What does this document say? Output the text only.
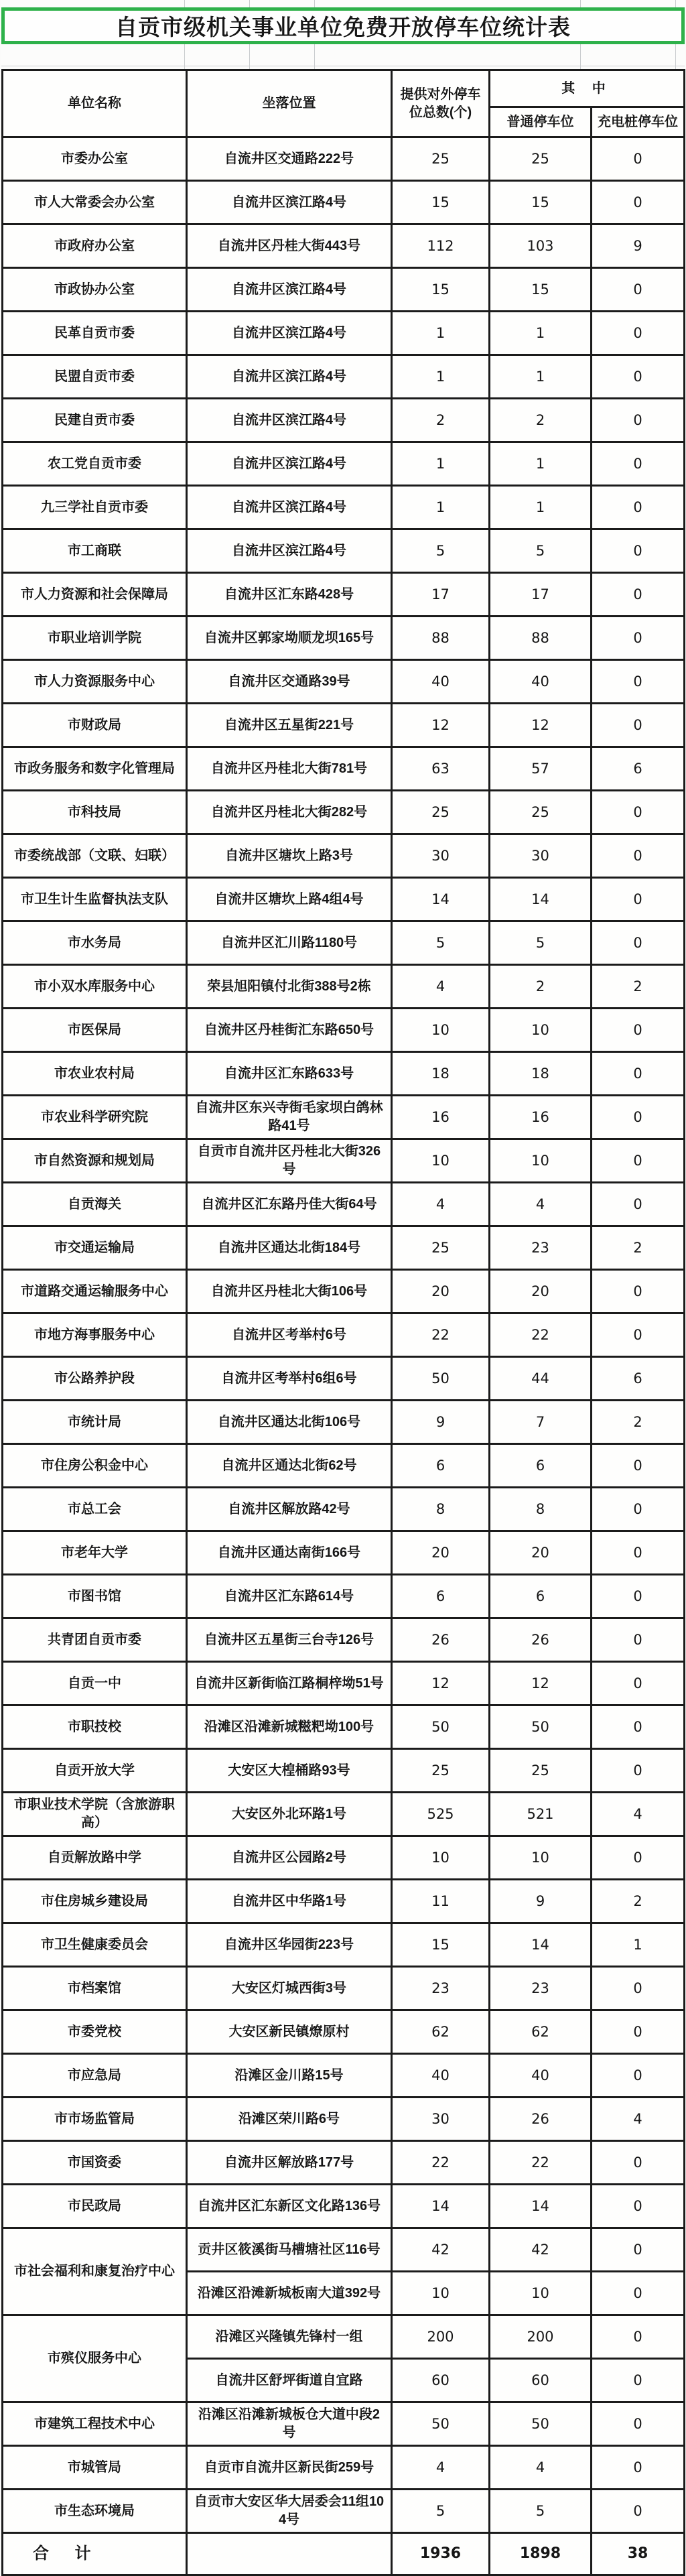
自贡市级机关事业单位免费开放停车位统计表
单位名称	坐落位置	提供对外停车位总数(个)	其 中	
			普通停车位	充电桩停车位
市委办公室	自流井区交通路222号	25	25	0
市人大常委会办公室	自流井区滨江路4号	15	15	0
市政府办公室	自流井区丹桂大街443号	112	103	9
市政协办公室	自流井区滨江路4号	15	15	0
民革自贡市委	自流井区滨江路4号	1	1	0
民盟自贡市委	自流井区滨江路4号	1	1	0
民建自贡市委	自流井区滨江路4号	2	2	0
农工党自贡市委	自流井区滨江路4号	1	1	0
九三学社自贡市委	自流井区滨江路4号	1	1	0
市工商联	自流井区滨江路4号	5	5	0
市人力资源和社会保障局	自流井区汇东路428号	17	17	0
市职业培训学院	自流井区郭家坳顺龙坝165号	88	88	0
市人力资源服务中心	自流井区交通路39号	40	40	0
市财政局	自流井区五星街221号	12	12	0
市政务服务和数字化管理局	自流井区丹桂北大街781号	63	57	6
市科技局	自流井区丹桂北大街282号	25	25	0
市委统战部（文联、妇联）	自流井区塘坎上路3号	30	30	0
市卫生计生监督执法支队	自流井区塘坎上路4组4号	14	14	0
市水务局	自流井区汇川路1180号	5	5	0
市小双水库服务中心	荣县旭阳镇付北街388号2栋	4	2	2
市医保局	自流井区丹桂街汇东路650号	10	10	0
市农业农村局	自流井区汇东路633号	18	18	0
市农业科学研究院	自流井区东兴寺街毛家坝白鸽林路41号	16	16	0
市自然资源和规划局	自贡市自流井区丹桂北大街326号	10	10	0
自贡海关	自流井区汇东路丹佳大街64号	4	4	0
市交通运输局	自流井区通达北街184号	25	23	2
市道路交通运输服务中心	自流井区丹桂北大街106号	20	20	0
市地方海事服务中心	自流井区考举村6号	22	22	0
市公路养护段	自流井区考举村6组6号	50	44	6
市统计局	自流井区通达北街106号	9	7	2
市住房公积金中心	自流井区通达北街62号	6	6	0
市总工会	自流井区解放路42号	8	8	0
市老年大学	自流井区通达南街166号	20	20	0
市图书馆	自流井区汇东路614号	6	6	0
共青团自贡市委	自流井区五星街三台寺126号	26	26	0
自贡一中	自流井区新街临江路桐梓坳51号	12	12	0
市职技校	沿滩区沿滩新城糍粑坳100号	50	50	0
自贡开放大学	大安区大楻桶路93号	25	25	0
市职业技术学院（含旅游职高）	大安区外北环路1号	525	521	4
自贡解放路中学	自流井区公园路2号	10	10	0
市住房城乡建设局	自流井区中华路1号	11	9	2
市卫生健康委员会	自流井区华园街223号	15	14	1
市档案馆	大安区灯城西街3号	23	23	0
市委党校	大安区新民镇燎原村	62	62	0
市应急局	沿滩区金川路15号	40	40	0
市市场监管局	沿滩区荣川路6号	30	26	4
市国资委	自流井区解放路177号	22	22	0
市民政局	自流井区汇东新区文化路136号	14	14	0
市社会福利和康复治疗中心	贡井区筱溪街马槽塘社区116号	42	42	0
	沿滩区沿滩新城板南大道392号	10	10	0
市殡仪服务中心	沿滩区兴隆镇先锋村一组	200	200	0
	自流井区舒坪街道自宜路	60	60	0
市建筑工程技术中心	沿滩区沿滩新城板仓大道中段2号	50	50	0
市城管局	自贡市自流井区新民街259号	4	4	0
市生态环境局	自贡市大安区华大居委会11组104号	5	5	0
合 计		1936	1898	38
